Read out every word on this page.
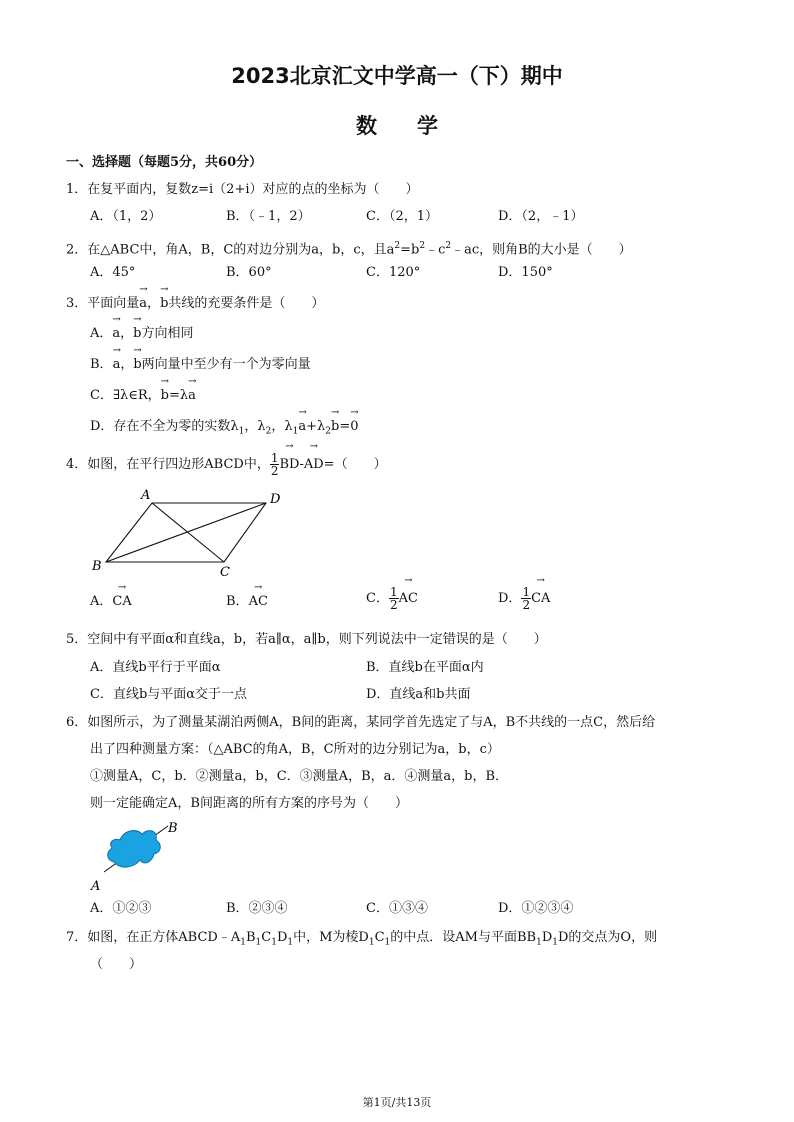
2023北京汇文中学高一（下）期中
数学
一、选择题（每题5分，共60分）
1．在复平面内，复数z=i（2+i）对应的点的坐标为（　　）
A．（1，2）	B．（﹣1，2）	C．（2，1）	D．（2，﹣1）
2．在△ABC中，角A，B，C的对边分别为a，b，c，且$a^2=b^2﹣c^2﹣ac$，则角B的大小是（　　）
A．45°	B．60°	C．120°	D．150°
3．平面向量→ a，→ b共线的充要条件是（　　）
A．→ a，→ b方向相同
B．→ a，→ b两向量中至少有一个为零向量
C．∃λ∈R，→ b=λ→ a
D．存在不全为零的实数$\lambda_1$，$\lambda_2$，$\lambda_1\to a+\lambda_2\to b=\to 0$
4．如图，在平行四边形ABCD中， $\frac{1}{2}$
→ BD-→ AD=（　　）
A	D
B	C
A．→ CA	B．→ AC	C． $\frac{1}{2}$
→ AC	D． $\frac{1}{2}$
→ CA
5．空间中有平面α和直线a，b，若a∥α，a∥b，则下列说法中一定错误的是（　　）
A．直线b平行于平面α	B．直线b在平面α内
C．直线b与平面α交于一点	D．直线a和b共面
6．如图所示，为了测量某湖泊两侧A，B间的距离，某同学首先选定了与A，B不共线的一点C，然后给
出了四种测量方案：（△ABC的角A，B，C所对的边分别记为a，b，c）
①测量A，C，b．②测量a，b，C．③测量A，B，a．④测量a，b，B．
则一定能确定A，B间距离的所有方案的序号为（　　）
B
A
A．①②③	B．②③④	C．①③④	D．①②③④
7．如图，在正方体$ABCD﹣A_1B_1C_1D_1$中，M为棱$D_1C_1$的中点．设AM与平面$BB_1D_1D$的交点为O，则
（　　）
第1页/共13页
